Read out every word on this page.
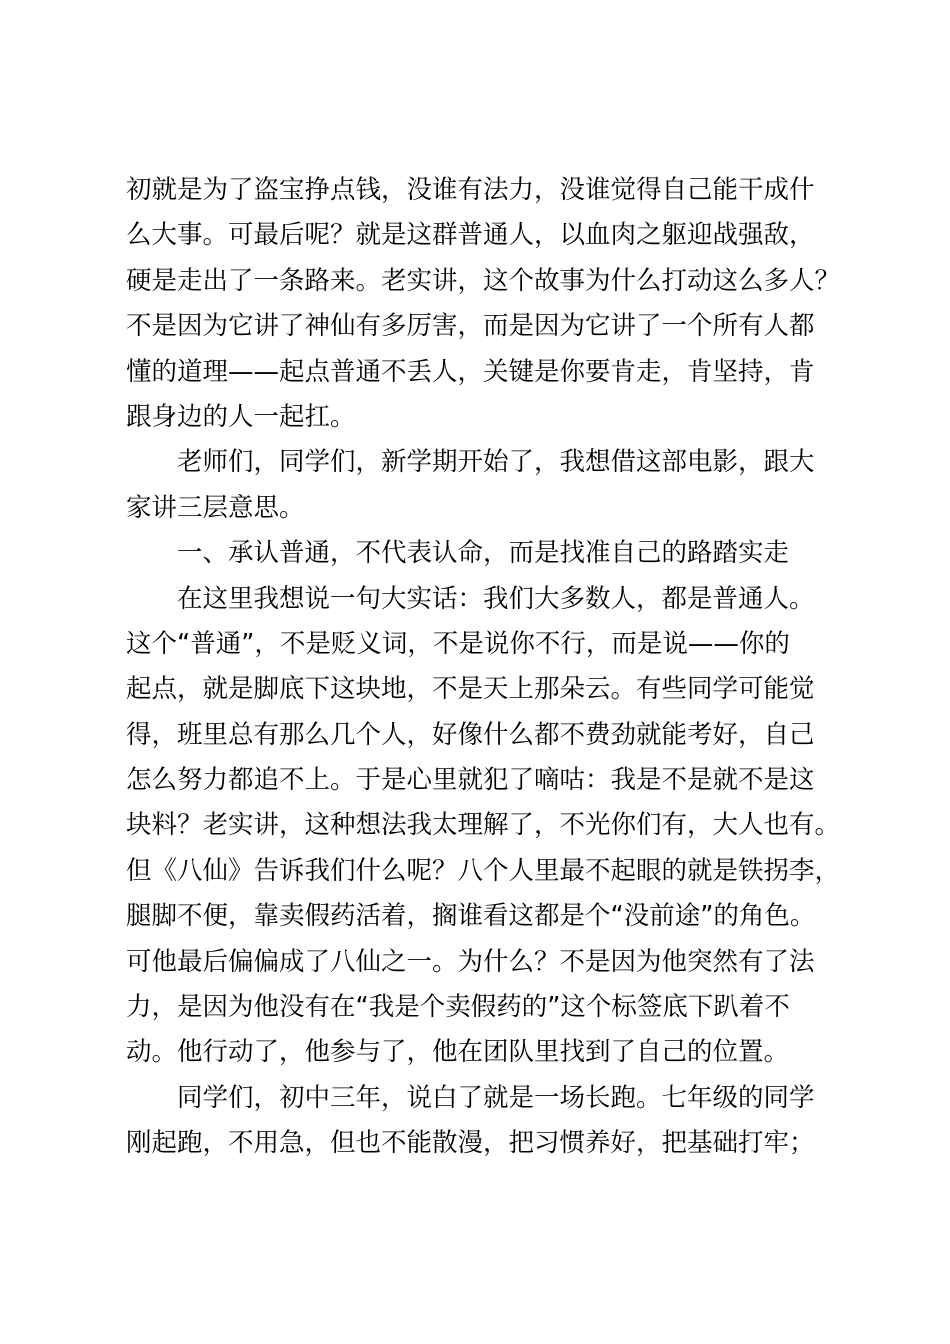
初就是为了盗宝挣点钱，没谁有法力，没谁觉得自己能干成什
么大事。可最后呢？就是这群普通人，以血肉之躯迎战强敌，
硬是走出了一条路来。老实讲，这个故事为什么打动这么多人？
不是因为它讲了神仙有多厉害，而是因为它讲了一个所有人都
懂的道理——起点普通不丢人，关键是你要肯走，肯坚持，肯
跟身边的人一起扛。
老师们，同学们，新学期开始了，我想借这部电影，跟大
家讲三层意思。
一、承认普通，不代表认命，而是找准自己的路踏实走
在这里我想说一句大实话：我们大多数人，都是普通人。
这个“普通”，不是贬义词，不是说你不行，而是说——你的
起点，就是脚底下这块地，不是天上那朵云。有些同学可能觉
得，班里总有那么几个人，好像什么都不费劲就能考好，自己
怎么努力都追不上。于是心里就犯了嘀咕：我是不是就不是这
块料？老实讲，这种想法我太理解了，不光你们有，大人也有。
但《八仙》告诉我们什么呢？八个人里最不起眼的就是铁拐李，
腿脚不便，靠卖假药活着，搁谁看这都是个“没前途”的角色。
可他最后偏偏成了八仙之一。为什么？不是因为他突然有了法
力，是因为他没有在“我是个卖假药的”这个标签底下趴着不
动。他行动了，他参与了，他在团队里找到了自己的位置。
同学们，初中三年，说白了就是一场长跑。七年级的同学
刚起跑，不用急，但也不能散漫，把习惯养好，把基础打牢；
